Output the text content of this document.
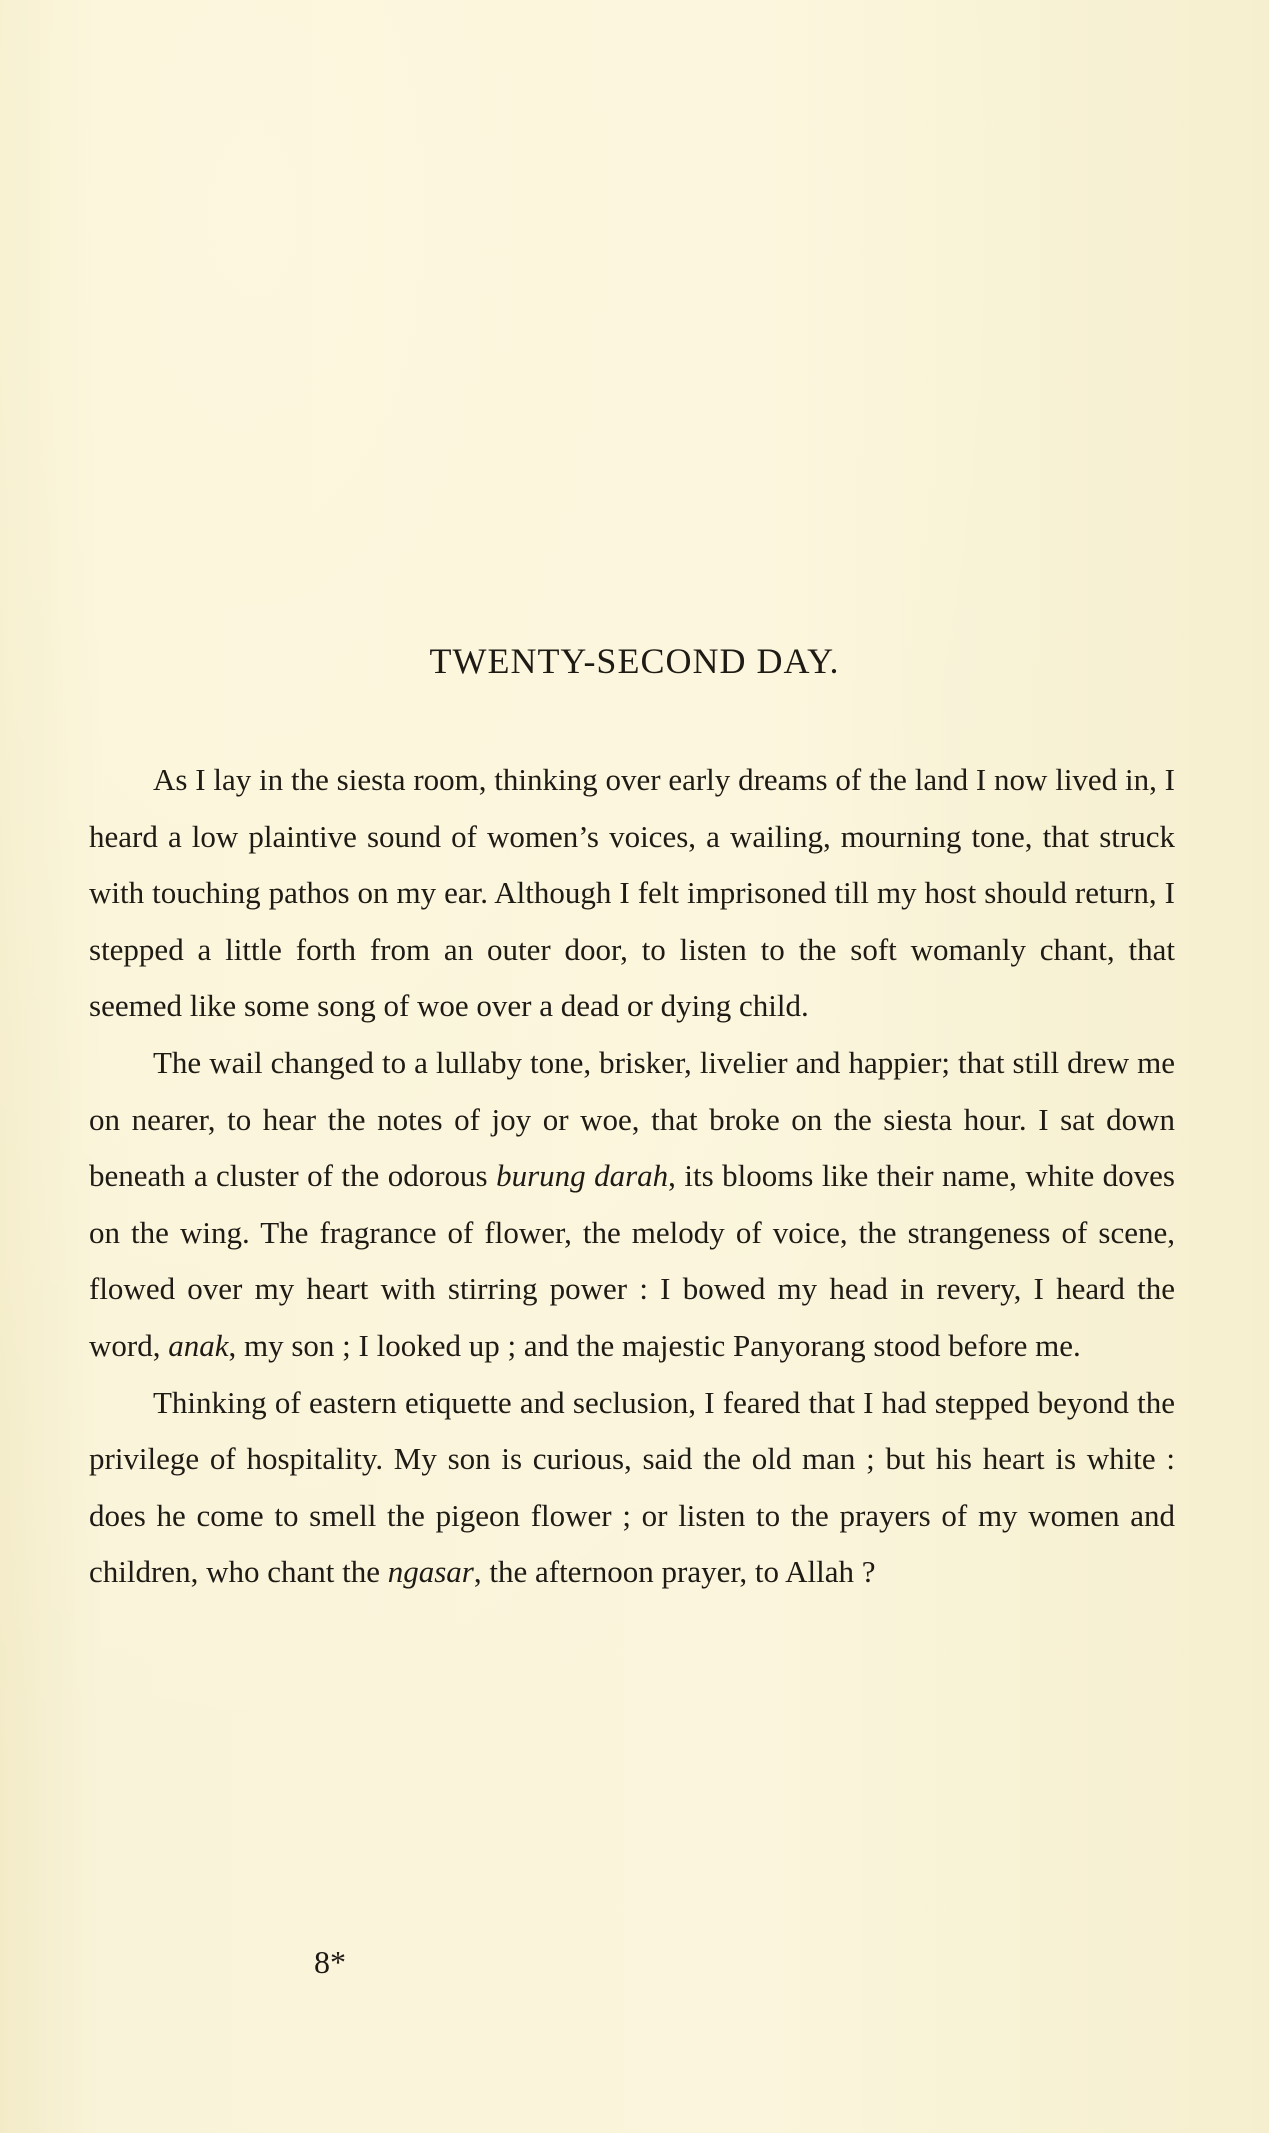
TWENTY-SECOND DAY.

As I lay in the siesta room, thinking over early dreams of the land I now lived in, I heard a low plaintive sound of women’s voices, a wailing, mourning tone, that struck with touching pathos on my ear. Although I felt imprisoned till my host should return, I stepped a little forth from an outer door, to listen to the soft womanly chant, that seemed like some song of woe over a dead or dying child.

The wail changed to a lullaby tone, brisker, livelier and happier; that still drew me on nearer, to hear the notes of joy or woe, that broke on the siesta hour. I sat down beneath a cluster of the odorous burung darah, its blooms like their name, white doves on the wing. The fragrance of flower, the melody of voice, the strangeness of scene, flowed over my heart with stirring power : I bowed my head in revery, I heard the word, anak, my son ; I looked up ; and the majestic Panyorang stood before me.

Thinking of eastern etiquette and seclusion, I feared that I had stepped beyond the privilege of hospitality. My son is curious, said the old man ; but his heart is white : does he come to smell the pigeon flower ; or listen to the prayers of my women and children, who chant the ngasar, the afternoon prayer, to Allah ?

8*
